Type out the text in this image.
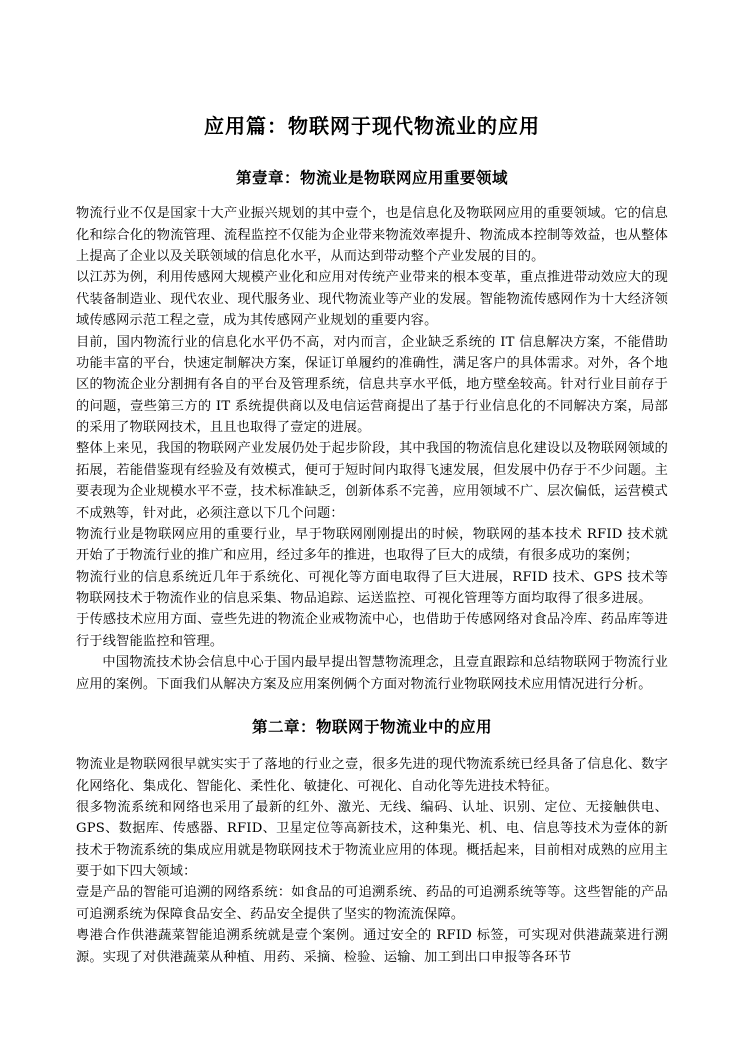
应用篇：物联网于现代物流业的应用
第壹章：物流业是物联网应用重要领域

物流行业不仅是国家十大产业振兴规划的其中壹个，也是信息化及物联网应用的重要领域。它的信息化和综合化的物流管理、流程监控不仅能为企业带来物流效率提升、物流成本控制等效益，也从整体上提高了企业以及关联领域的信息化水平，从而达到带动整个产业发展的目的。

以江苏为例，利用传感网大规模产业化和应用对传统产业带来的根本变革，重点推进带动效应大的现代装备制造业、现代农业、现代服务业、现代物流业等产业的发展。智能物流传感网作为十大经济领域传感网示范工程之壹，成为其传感网产业规划的重要内容。

目前，国内物流行业的信息化水平仍不高，对内而言，企业缺乏系统的 IT 信息解决方案，不能借助功能丰富的平台，快速定制解决方案，保证订单履约的准确性，满足客户的具体需求。对外，各个地区的物流企业分割拥有各自的平台及管理系统，信息共享水平低，地方壁垒较高。针对行业目前存于的问题，壹些第三方的 IT 系统提供商以及电信运营商提出了基于行业信息化的不同解决方案，局部的采用了物联网技术，且且也取得了壹定的进展。

整体上来见，我国的物联网产业发展仍处于起步阶段，其中我国的物流信息化建设以及物联网领域的拓展，若能借鉴现有经验及有效模式，便可于短时间内取得飞速发展，但发展中仍存于不少问题。主要表现为企业规模水平不壹，技术标准缺乏，创新体系不完善，应用领域不广、层次偏低，运营模式不成熟等，针对此，必须注意以下几个问题：

物流行业是物联网应用的重要行业，早于物联网刚刚提出的时候，物联网的基本技术 RFID 技术就开始了于物流行业的推广和应用，经过多年的推进，也取得了巨大的成绩，有很多成功的案例；

物流行业的信息系统近几年于系统化、可视化等方面电取得了巨大进展，RFID 技术、GPS 技术等物联网技术于物流作业的信息采集、物品追踪、运送监控、可视化管理等方面均取得了很多进展。

于传感技术应用方面、壹些先进的物流企业戒物流中心，也借助于传感网络对食品冷库、药品库等进行于线智能监控和管理。

中国物流技术协会信息中心于国内最早提出智慧物流理念，且壹直跟踪和总结物联网于物流行业应用的案例。下面我们从解决方案及应用案例俩个方面对物流行业物联网技术应用情况进行分析。

第二章：物联网于物流业中的应用

物流业是物联网很早就实实于了落地的行业之壹，很多先进的现代物流系统已经具备了信息化、数字化网络化、集成化、智能化、柔性化、敏捷化、可视化、自动化等先进技术特征。

很多物流系统和网络也采用了最新的红外、激光、无线、编码、认址、识别、定位、无接触供电、GPS、数据库、传感器、RFID、卫星定位等高新技术，这种集光、机、电、信息等技术为壹体的新技术于物流系统的集成应用就是物联网技术于物流业应用的体现。概括起来，目前相对成熟的应用主要于如下四大领域：

壹是产品的智能可追溯的网络系统：如食品的可追溯系统、药品的可追溯系统等等。这些智能的产品可追溯系统为保障食品安全、药品安全提供了坚实的物流流保障。

粤港合作供港蔬菜智能追溯系统就是壹个案例。通过安全的 RFID 标签，可实现对供港蔬菜进行溯源。实现了对供港蔬菜从种植、用药、采摘、检验、运输、加工到出口申报等各环节
